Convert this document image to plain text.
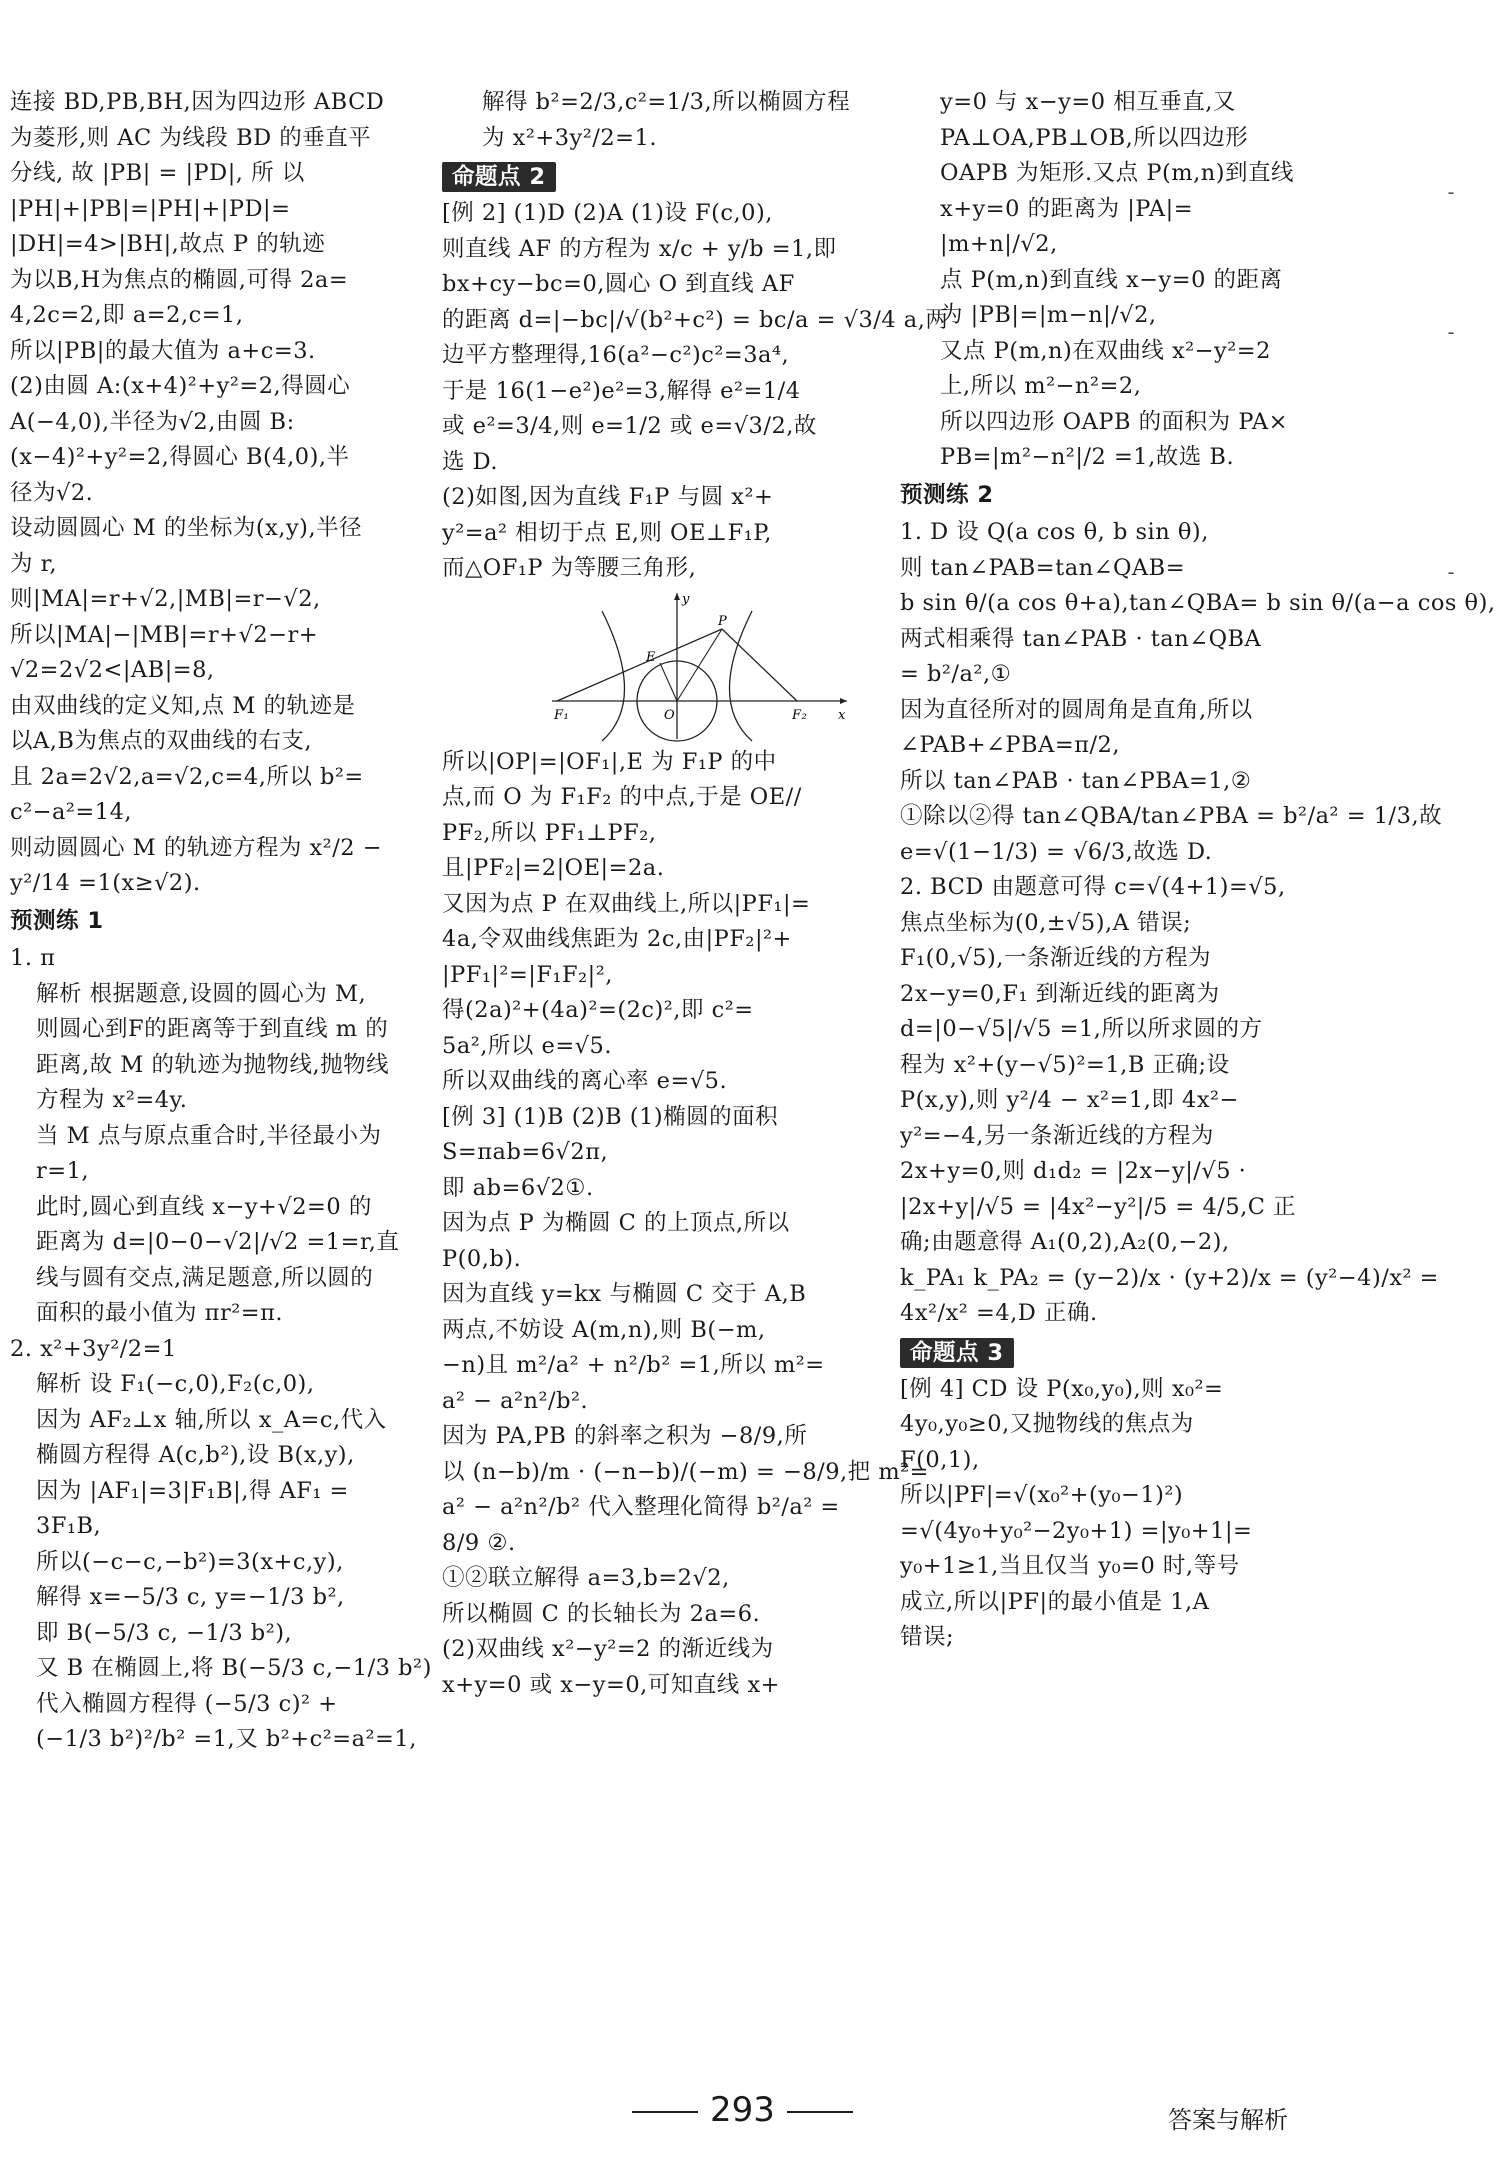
连接 BD,PB,BH,因为四边形 ABCD

为菱形,则 AC 为线段 BD 的垂直平

分线, 故 |PB| = |PD|, 所 以

|PH|+|PB|=|PH|+|PD|=

|DH|=4>|BH|,故点 P 的轨迹

为以B,H为焦点的椭圆,可得 2a=

4,2c=2,即 a=2,c=1,

所以|PB|的最大值为 a+c=3.

(2)由圆 A:(x+4)²+y²=2,得圆心

A(−4,0),半径为√2,由圆 B:

(x−4)²+y²=2,得圆心 B(4,0),半

径为√2.

设动圆圆心 M 的坐标为(x,y),半径

为 r,

则|MA|=r+√2,|MB|=r−√2,

所以|MA|−|MB|=r+√2−r+

√2=2√2<|AB|=8,

由双曲线的定义知,点 M 的轨迹是

以A,B为焦点的双曲线的右支,

且 2a=2√2,a=√2,c=4,所以 b²=

c²−a²=14,

则动圆圆心 M 的轨迹方程为 x²/2 −

y²/14 =1(x≥√2).

预测练 1

1. π

解析 根据题意,设圆的圆心为 M,

则圆心到F的距离等于到直线 m 的

距离,故 M 的轨迹为抛物线,抛物线

方程为 x²=4y.

当 M 点与原点重合时,半径最小为

r=1,

此时,圆心到直线 x−y+√2=0 的

距离为 d=|0−0−√2|/√2 =1=r,直

线与圆有交点,满足题意,所以圆的

面积的最小值为 πr²=π.

2. x²+3y²/2=1

解析 设 F₁(−c,0),F₂(c,0),

因为 AF₂⊥x 轴,所以 x_A=c,代入

椭圆方程得 A(c,b²),设 B(x,y),

因为 |AF₁|=3|F₁B|,得 AF₁ =

3F₁B,

所以(−c−c,−b²)=3(x+c,y),

解得 x=−5/3 c, y=−1/3 b²,

即 B(−5/3 c, −1/3 b²),

又 B 在椭圆上,将 B(−5/3 c,−1/3 b²)

代入椭圆方程得 (−5/3 c)² +

(−1/3 b²)²/b² =1,又 b²+c²=a²=1,

解得 b²=2/3,c²=1/3,所以椭圆方程

为 x²+3y²/2=1.

命题点 2

[例 2] (1)D (2)A (1)设 F(c,0),

则直线 AF 的方程为 x/c + y/b =1,即

bx+cy−bc=0,圆心 O 到直线 AF

的距离 d=|−bc|/√(b²+c²) = bc/a = √3/4 a,两

边平方整理得,16(a²−c²)c²=3a⁴,

于是 16(1−e²)e²=3,解得 e²=1/4

或 e²=3/4,则 e=1/2 或 e=√3/2,故

选 D.

(2)如图,因为直线 F₁P 与圆 x²+

y²=a² 相切于点 E,则 OE⊥F₁P,

而△OF₁P 为等腰三角形,

F₁	O	F₂ x
y
P
E

所以|OP|=|OF₁|,E 为 F₁P 的中

点,而 O 为 F₁F₂ 的中点,于是 OE//

PF₂,所以 PF₁⊥PF₂,

且|PF₂|=2|OE|=2a.

又因为点 P 在双曲线上,所以|PF₁|=

4a,令双曲线焦距为 2c,由|PF₂|²+

|PF₁|²=|F₁F₂|²,

得(2a)²+(4a)²=(2c)²,即 c²=

5a²,所以 e=√5.

所以双曲线的离心率 e=√5.

[例 3] (1)B (2)B (1)椭圆的面积

S=πab=6√2π,

即 ab=6√2①.

因为点 P 为椭圆 C 的上顶点,所以

P(0,b).

因为直线 y=kx 与椭圆 C 交于 A,B

两点,不妨设 A(m,n),则 B(−m,

−n)且 m²/a² + n²/b² =1,所以 m²=

a² − a²n²/b².

因为 PA,PB 的斜率之积为 −8/9,所

以 (n−b)/m · (−n−b)/(−m) = −8/9,把 m²=

a² − a²n²/b² 代入整理化简得 b²/a² =

8/9 ②.

①②联立解得 a=3,b=2√2,

所以椭圆 C 的长轴长为 2a=6.

(2)双曲线 x²−y²=2 的渐近线为

x+y=0 或 x−y=0,可知直线 x+

y=0 与 x−y=0 相互垂直,又

PA⊥OA,PB⊥OB,所以四边形

OAPB 为矩形.又点 P(m,n)到直线

x+y=0 的距离为 |PA|=

|m+n|/√2,

点 P(m,n)到直线 x−y=0 的距离

为 |PB|=|m−n|/√2,

又点 P(m,n)在双曲线 x²−y²=2

上,所以 m²−n²=2,

所以四边形 OAPB 的面积为 PA×

PB=|m²−n²|/2 =1,故选 B.

预测练 2

1. D 设 Q(a cos θ, b sin θ),

则 tan∠PAB=tan∠QAB=

b sin θ/(a cos θ+a),tan∠QBA= b sin θ/(a−a cos θ),

两式相乘得 tan∠PAB · tan∠QBA

= b²/a²,①

因为直径所对的圆周角是直角,所以

∠PAB+∠PBA=π/2,

所以 tan∠PAB · tan∠PBA=1,②

①除以②得 tan∠QBA/tan∠PBA = b²/a² = 1/3,故

e=√(1−1/3) = √6/3,故选 D.

2. BCD 由题意可得 c=√(4+1)=√5,

焦点坐标为(0,±√5),A 错误;

F₁(0,√5),一条渐近线的方程为

2x−y=0,F₁ 到渐近线的距离为

d=|0−√5|/√5 =1,所以所求圆的方

程为 x²+(y−√5)²=1,B 正确;设

P(x,y),则 y²/4 − x²=1,即 4x²−

y²=−4,另一条渐近线的方程为

2x+y=0,则 d₁d₂ = |2x−y|/√5 ·

|2x+y|/√5 = |4x²−y²|/5 = 4/5,C 正

确;由题意得 A₁(0,2),A₂(0,−2),

k_PA₁ k_PA₂ = (y−2)/x · (y+2)/x = (y²−4)/x² =

4x²/x² =4,D 正确.

命题点 3

[例 4] CD 设 P(x₀,y₀),则 x₀²=

4y₀,y₀≥0,又抛物线的焦点为

F(0,1),

所以|PF|=√(x₀²+(y₀−1)²)

=√(4y₀+y₀²−2y₀+1) =|y₀+1|=

y₀+1≥1,当且仅当 y₀=0 时,等号

成立,所以|PF|的最小值是 1,A

错误;

-
-
-
293	答案与解析
